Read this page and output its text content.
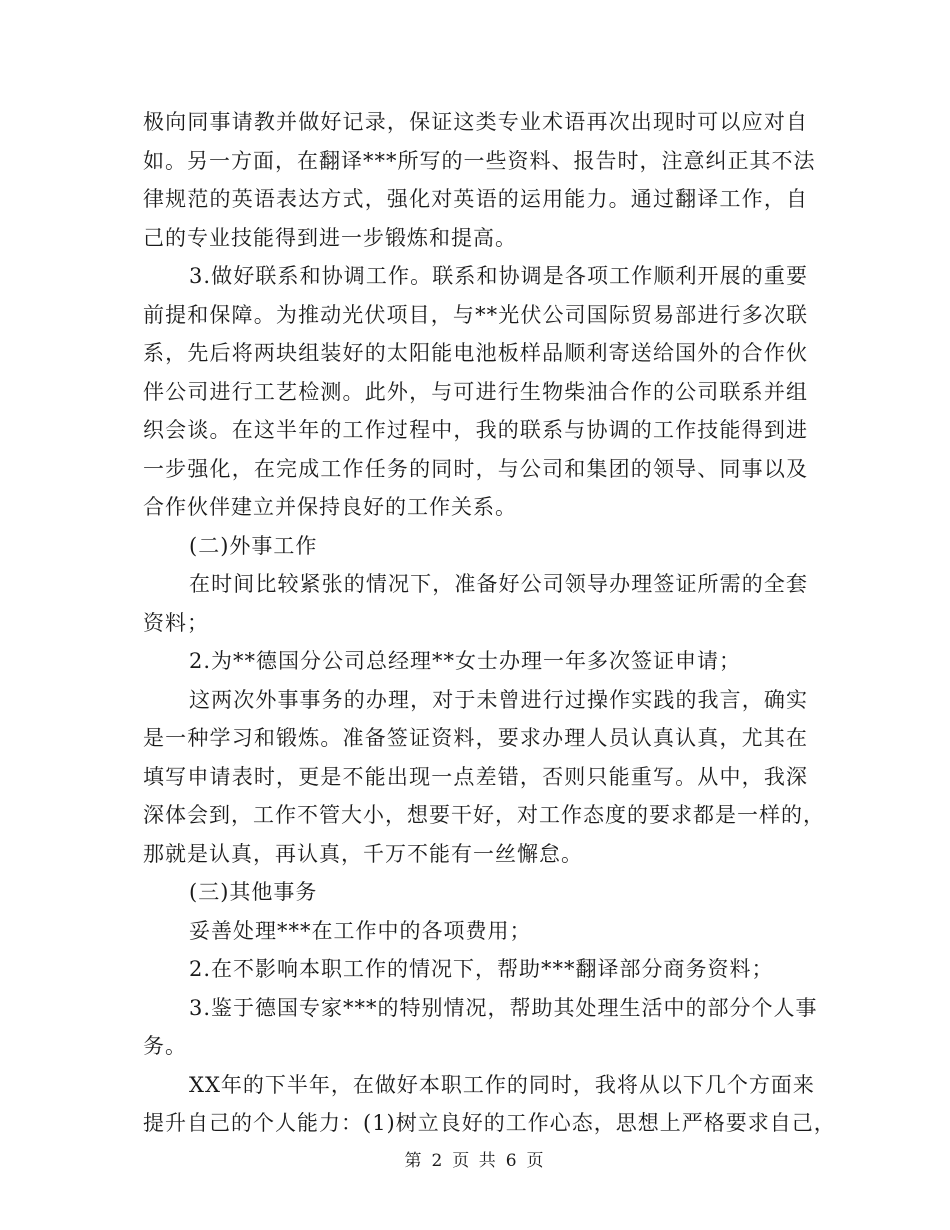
极向同事请教并做好记录，保证这类专业术语再次出现时可以应对自
如。另一方面，在翻译***所写的一些资料、报告时，注意纠正其不法
律规范的英语表达方式，强化对英语的运用能力。通过翻译工作，自
己的专业技能得到进一步锻炼和提高。
3.做好联系和协调工作。联系和协调是各项工作顺利开展的重要
前提和保障。为推动光伏项目，与**光伏公司国际贸易部进行多次联
系，先后将两块组装好的太阳能电池板样品顺利寄送给国外的合作伙
伴公司进行工艺检测。此外，与可进行生物柴油合作的公司联系并组
织会谈。在这半年的工作过程中，我的联系与协调的工作技能得到进
一步强化，在完成工作任务的同时，与公司和集团的领导、同事以及
合作伙伴建立并保持良好的工作关系。
(二)外事工作
在时间比较紧张的情况下，准备好公司领导办理签证所需的全套
资料；
2.为**德国分公司总经理**女士办理一年多次签证申请；
这两次外事事务的办理，对于未曾进行过操作实践的我言，确实
是一种学习和锻炼。准备签证资料，要求办理人员认真认真，尤其在
填写申请表时，更是不能出现一点差错，否则只能重写。从中，我深
深体会到，工作不管大小，想要干好，对工作态度的要求都是一样的，
那就是认真，再认真，千万不能有一丝懈怠。
(三)其他事务
妥善处理***在工作中的各项费用；
2.在不影响本职工作的情况下，帮助***翻译部分商务资料；
3.鉴于德国专家***的特别情况，帮助其处理生活中的部分个人事
务。
XX年的下半年，在做好本职工作的同时，我将从以下几个方面来
提升自己的个人能力：(1)树立良好的工作心态，思想上严格要求自己，
第 2 页 共 6 页
